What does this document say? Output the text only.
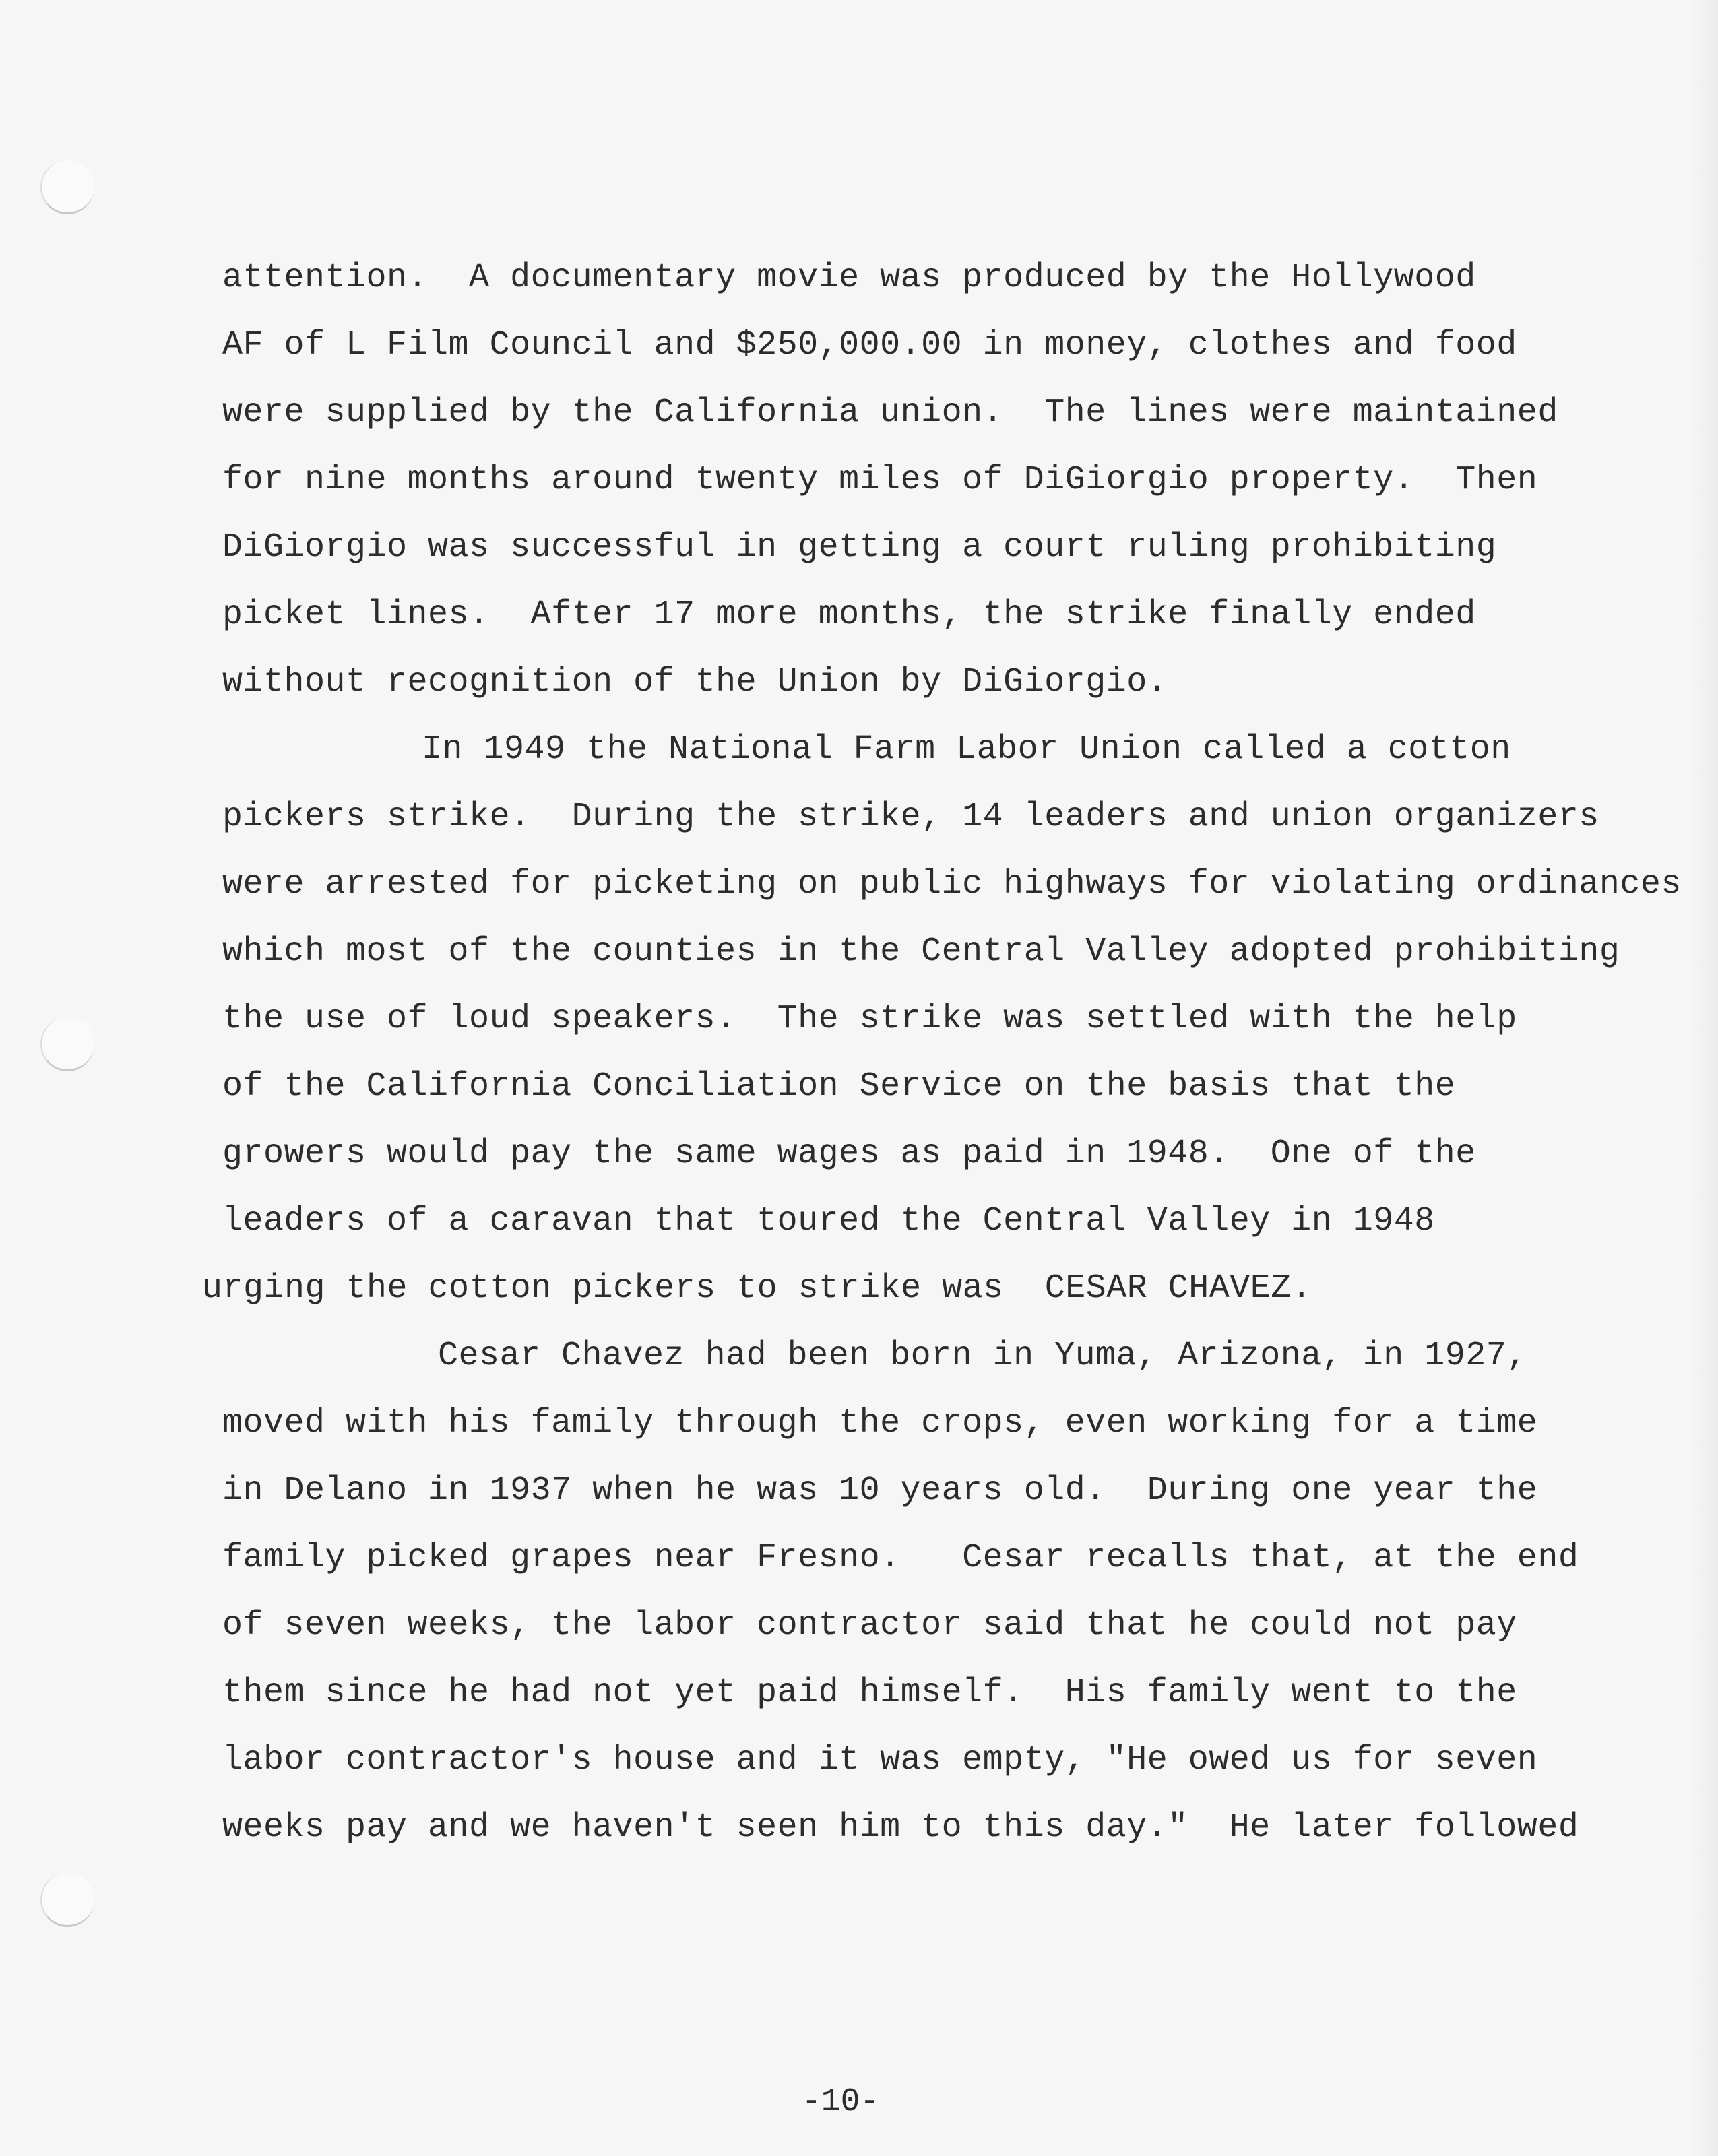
attention.  A documentary movie was produced by the Hollywood
AF of L Film Council and $250,000.00 in money, clothes and food
were supplied by the California union.  The lines were maintained
for nine months around twenty miles of DiGiorgio property.  Then
DiGiorgio was successful in getting a court ruling prohibiting
picket lines.  After 17 more months, the strike finally ended
without recognition of the Union by DiGiorgio.
In 1949 the National Farm Labor Union called a cotton
pickers strike.  During the strike, 14 leaders and union organizers
were arrested for picketing on public highways for violating ordinances
which most of the counties in the Central Valley adopted prohibiting
the use of loud speakers.  The strike was settled with the help
of the California Conciliation Service on the basis that the
growers would pay the same wages as paid in 1948.  One of the
leaders of a caravan that toured the Central Valley in 1948
urging the cotton pickers to strike was  CESAR CHAVEZ.
Cesar Chavez had been born in Yuma, Arizona, in 1927,
moved with his family through the crops, even working for a time
in Delano in 1937 when he was 10 years old.  During one year the
family picked grapes near Fresno.   Cesar recalls that, at the end
of seven weeks, the labor contractor said that he could not pay
them since he had not yet paid himself.  His family went to the
labor contractor's house and it was empty, "He owed us for seven
weeks pay and we haven't seen him to this day."  He later followed
-10-
